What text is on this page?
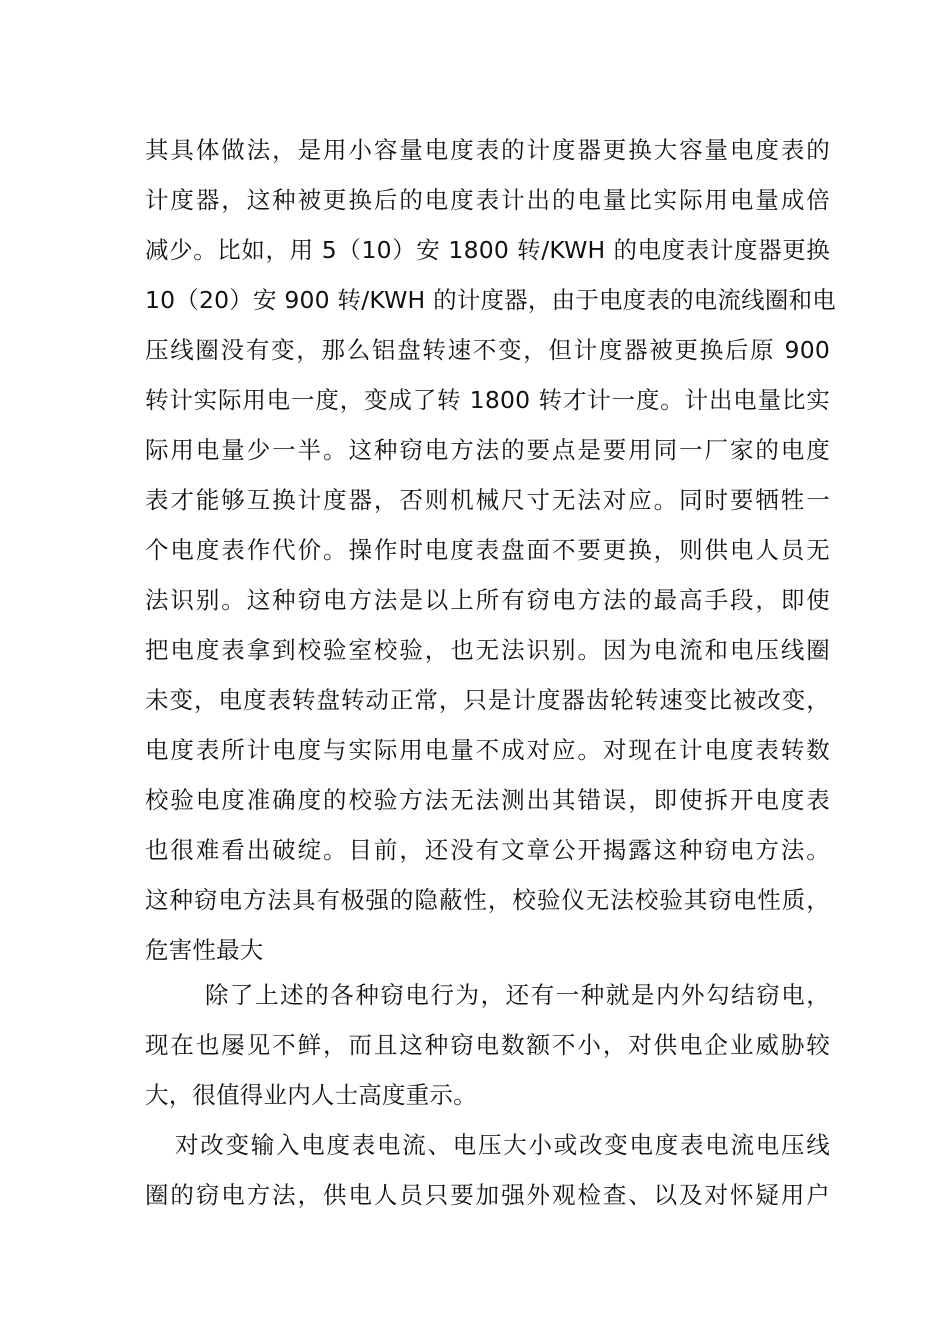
其具体做法，是用小容量电度表的计度器更换大容量电度表的
计度器，这种被更换后的电度表计出的电量比实际用电量成倍
减少。比如，用 5（10）安 1800 转/KWH 的电度表计度器更换
10（20）安 900 转/KWH 的计度器，由于电度表的电流线圈和电
压线圈没有变，那么铝盘转速不变，但计度器被更换后原 900
转计实际用电一度，变成了转 1800 转才计一度。计出电量比实
际用电量少一半。这种窃电方法的要点是要用同一厂家的电度
表才能够互换计度器，否则机械尺寸无法对应。同时要牺牲一
个电度表作代价。操作时电度表盘面不要更换，则供电人员无
法识别。这种窃电方法是以上所有窃电方法的最高手段，即使
把电度表拿到校验室校验，也无法识别。因为电流和电压线圈
未变，电度表转盘转动正常，只是计度器齿轮转速变比被改变，
电度表所计电度与实际用电量不成对应。对现在计电度表转数
校验电度准确度的校验方法无法测出其错误，即使拆开电度表
也很难看出破绽。目前，还没有文章公开揭露这种窃电方法。
这种窃电方法具有极强的隐蔽性，校验仪无法校验其窃电性质，
危害性最大
除了上述的各种窃电行为，还有一种就是内外勾结窃电，
现在也屡见不鲜，而且这种窃电数额不小，对供电企业威胁较
大，很值得业内人士高度重示。
对改变输入电度表电流、电压大小或改变电度表电流电压线
圈的窃电方法，供电人员只要加强外观检查、以及对怀疑用户
